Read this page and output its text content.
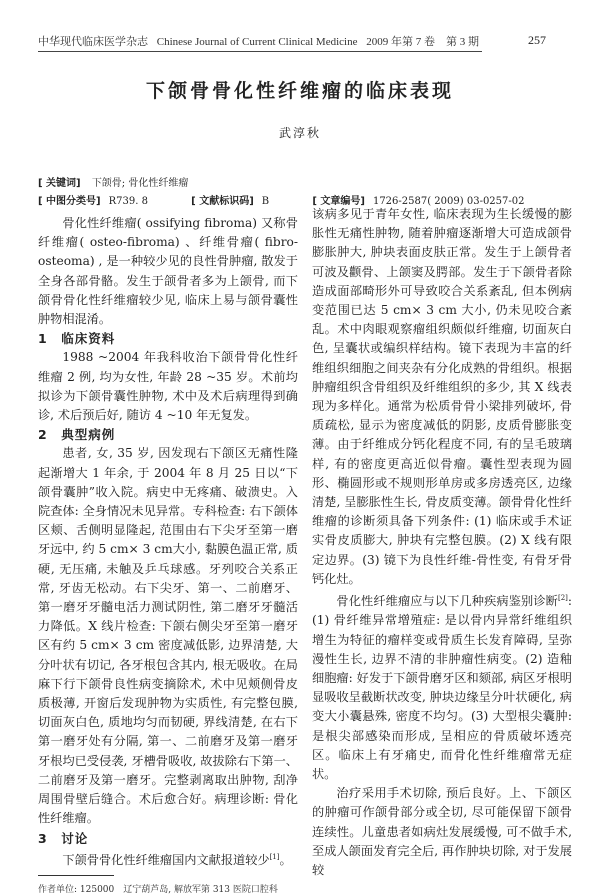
中华现代临床医学杂志 Chinese Journal of Current Clinical Medicine 2009 年第 7 卷　第 3 期	257
下颌骨骨化性纤维瘤的临床表现
武淳秋
[ 关键词] 下颌骨; 骨化性纤维瘤
[ 中图分类号] R739. 8	[ 文献标识码] B	[ 文章编号] 1726-2587( 2009) 03-0257-02

骨化性纤维瘤( ossifying fibroma) 又称骨纤维瘤( osteo-fibroma) 、纤维骨瘤( fibro-osteoma) , 是一种较少见的良性骨肿瘤, 散发于全身各部骨骼。发生于颌骨者多为上颌骨, 而下颌骨骨化性纤维瘤较少见, 临床上易与颌骨囊性肿物相混淆。

1　临床资料

1988 ~2004 年我科收治下颌骨骨化性纤维瘤 2 例, 均为女性, 年龄 28 ~35 岁。术前均拟诊为下颌骨囊性肿物, 术中及术后病理得到确诊, 术后预后好, 随访 4 ~10 年无复发。

2　典型病例

患者, 女, 35 岁, 因发现右下颌区无痛性隆起渐增大 1 年余, 于 2004 年 8 月 25 日以“下颌骨囊肿”收入院。病史中无疼痛、破溃史。入院查体: 全身情况未见异常。专科检查: 右下颌体区颊、舌侧明显隆起, 范围由右下尖牙至第一磨牙远中, 约 5 cm× 3 cm大小, 黏膜色温正常, 质硬, 无压痛, 未触及乒乓球感。牙列咬合关系正常, 牙齿无松动。右下尖牙、第一、二前磨牙、第一磨牙牙髓电活力测试阴性, 第二磨牙牙髓活力降低。X 线片检查: 下颌右侧尖牙至第一磨牙区有约 5 cm× 3 cm 密度减低影, 边界清楚, 大分叶状有切记, 各牙根包含其内, 根无吸收。在局麻下行下颌骨良性病变摘除术, 术中见颊侧骨皮质极薄, 开窗后发现肿物为实质性, 有完整包膜, 切面灰白色, 质地均匀而韧硬, 界线清楚, 在右下第一磨牙处有分隔, 第一、二前磨牙及第一磨牙牙根均已受侵袭, 牙槽骨吸收, 故拔除右下第一、二前磨牙及第一磨牙。完整剥离取出肿物, 刮净周围骨壁后缝合。术后愈合好。病理诊断: 骨化性纤维瘤。

3　讨论

下颌骨骨化性纤维瘤国内文献报道较少[1]。

该病多见于青年女性, 临床表现为生长缓慢的膨胀性无痛性肿物, 随着肿瘤逐渐增大可造成颌骨膨胀肿大, 肿块表面皮肤正常。发生于上颌骨者可波及颧骨、上颌窦及腭部。发生于下颌骨者除造成面部畸形外可导致咬合关系紊乱, 但本例病变范围已达 5 cm× 3 cm 大小, 仍未见咬合紊乱。术中肉眼观察瘤组织颇似纤维瘤, 切面灰白色, 呈囊状或编织样结构。镜下表现为丰富的纤维组织细胞之间夹杂有分化成熟的骨组织。根据肿瘤组织含骨组织及纤维组织的多少, 其 X 线表现为多样化。通常为松质骨骨小梁排列破坏, 骨质疏松, 显示为密度减低的阴影, 皮质骨膨胀变薄。由于纤维成分钙化程度不同, 有的呈毛玻璃样, 有的密度更高近似骨瘤。囊性型表现为圆形、椭圆形或不规则形单房或多房透亮区, 边缘清楚, 呈膨胀性生长, 骨皮质变薄。颌骨骨化性纤维瘤的诊断须具备下列条件: (1) 临床或手术证实骨皮质膨大, 肿块有完整包膜。(2) X 线有限定边界。(3) 镜下为良性纤维-骨性变, 有骨牙骨钙化灶。

骨化性纤维瘤应与以下几种疾病鉴别诊断[2]: (1) 骨纤维异常增殖症: 是以骨内异常纤维组织增生为特征的瘤样变或骨质生长发育障碍, 呈弥漫性生长, 边界不清的非肿瘤性病变。(2) 造釉细胞瘤: 好发于下颌骨磨牙区和颏部, 病区牙根明显吸收呈截断状改变, 肿块边缘呈分叶状硬化, 病变大小囊悬殊, 密度不均匀。(3) 大型根尖囊肿: 是根尖部感染而形成, 呈相应的骨质破坏透亮区。临床上有牙痛史, 而骨化性纤维瘤常无症状。

治疗采用手术切除, 预后良好。上、下颌区的肿瘤可作颌骨部分或全切, 尽可能保留下颌骨连续性。儿童患者如病灶发展缓慢, 可不做手术, 至成人颌面发育完全后, 再作肿块切除, 对于发展较

作者单位: 125000　辽宁葫芦岛, 解放军第 313 医院口腔科
